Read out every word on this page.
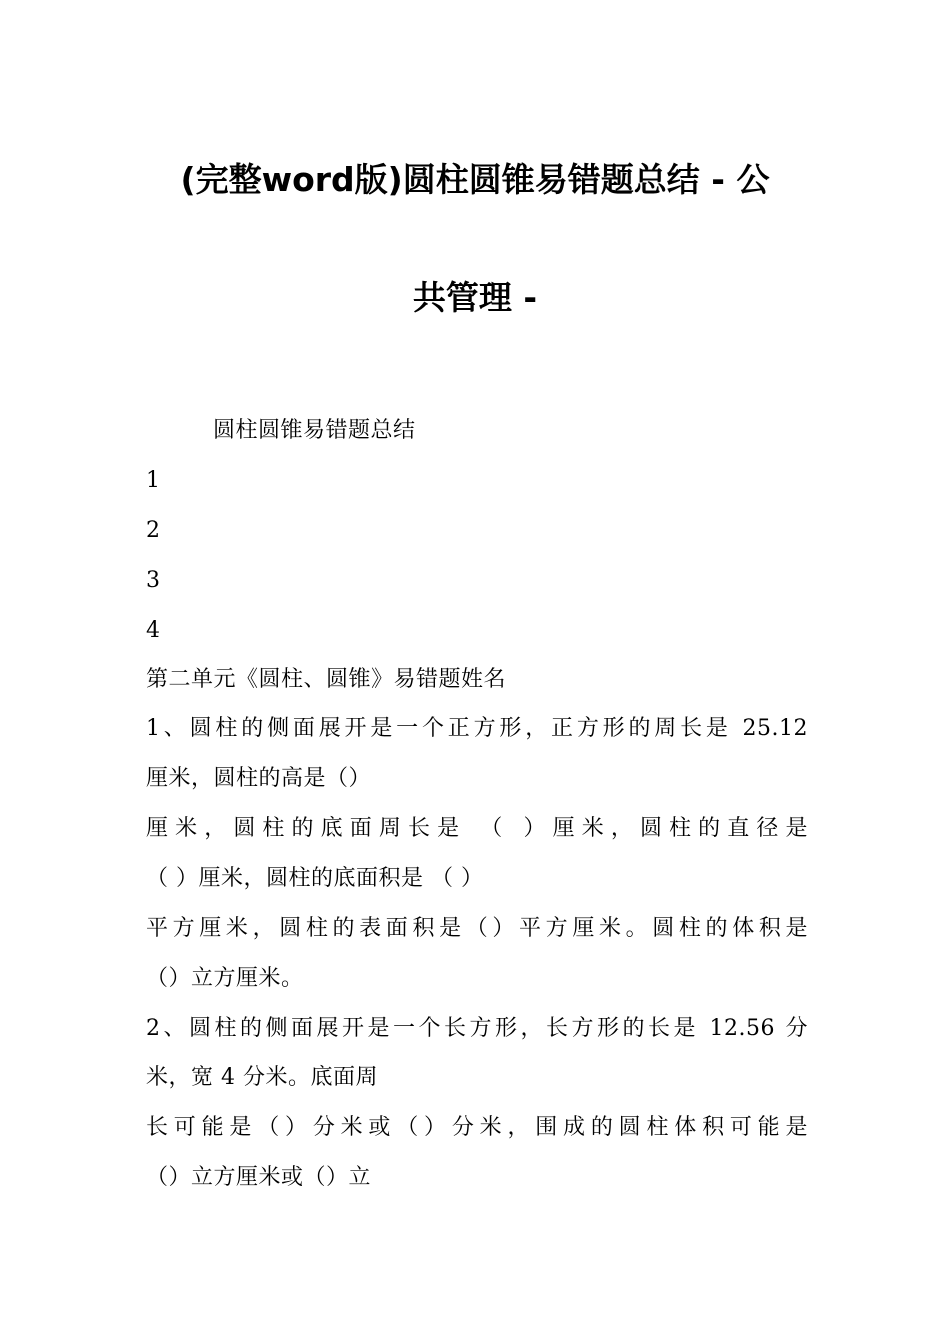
(完整word版)圆柱圆锥易错题总结 - 公
共管理 -
圆柱圆锥易错题总结
1
2
3
4
第二单元《圆柱、圆锥》易错题姓名
1、圆柱的侧面展开是一个正方形，正方形的周长是 25.12
厘米，圆柱的高是（）
厘米，圆柱的底面周长是 （ ）厘米，圆柱的直径是
（ ）厘米，圆柱的底面积是 （ ）
平方厘米，圆柱的表面积是（）平方厘米。圆柱的体积是
（）立方厘米。
2、圆柱的侧面展开是一个长方形，长方形的长是 12.56 分
米，宽 4 分米。底面周
长可能是（）分米或（）分米，围成的圆柱体积可能是
（）立方厘米或（）立
